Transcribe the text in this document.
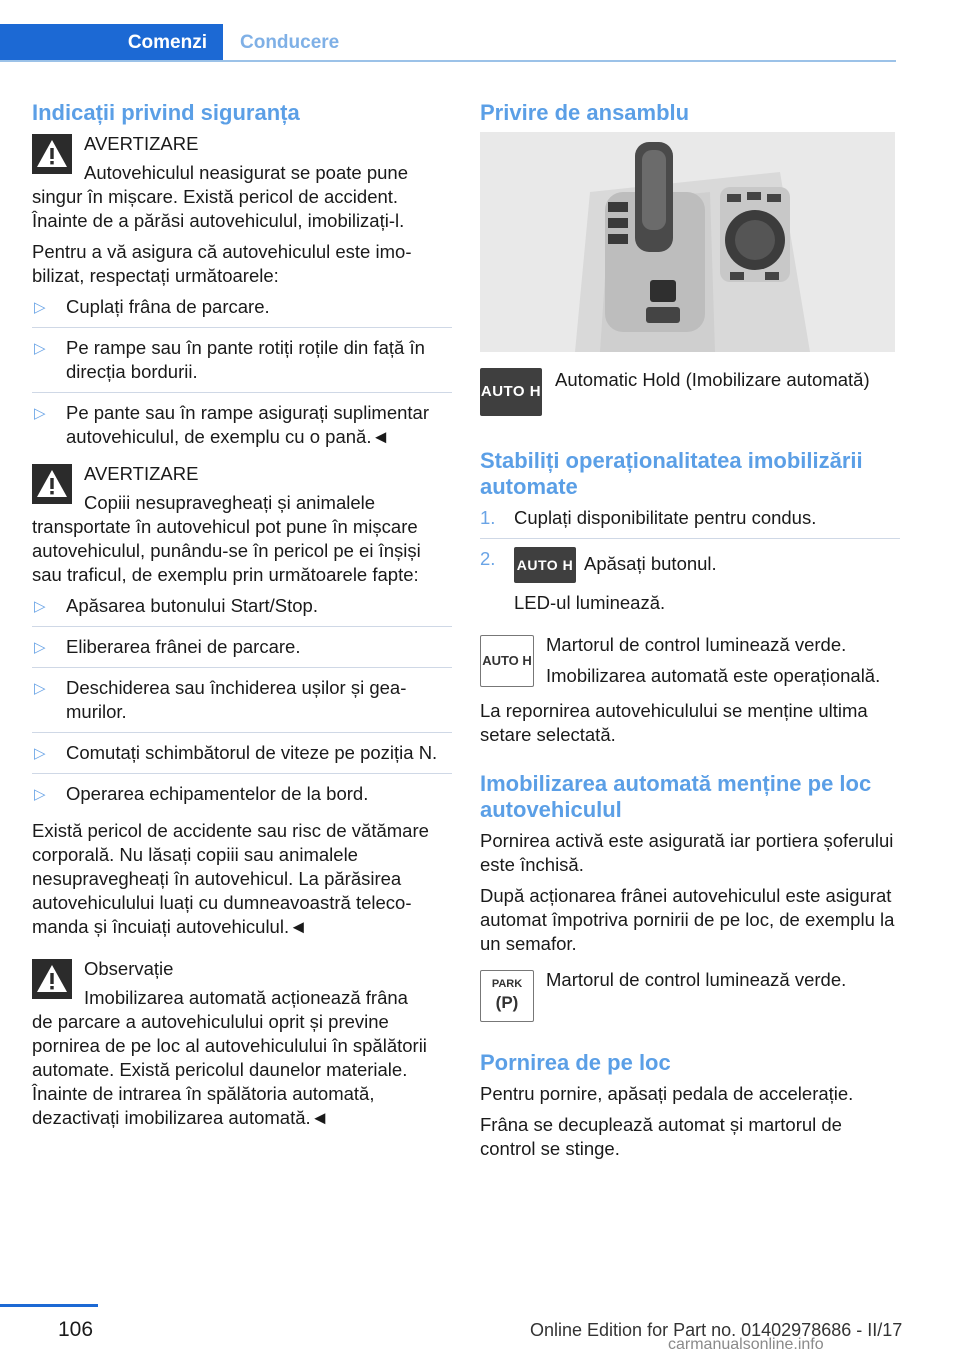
Comenzi	Conducere
Indicații privind siguranța

AVERTIZARE

Autovehiculul neasigurat se poate pune
singur în mișcare. Există pericol de accident. Înainte de a părăsi autovehiculul, imobilizați-l.

Pentru a vă asigura că autovehiculul este imobilizat, respectați următoarele:

▷ Cuplați frâna de parcare.
▷ Pe rampe sau în pante rotiți roțile din față în direcția bordurii.
▷ Pe pante sau în rampe asigurați suplimentar autovehiculul, de exemplu cu o pană.◄

AVERTIZARE

Copiii nesupravegheați și animalele
transportate în autovehicul pot pune în mișcare autovehiculul, punându-se în pericol pe ei înșiși sau traficul, de exemplu prin următoarele fapte:

▷ Apăsarea butonului Start/Stop.
▷ Eliberarea frânei de parcare.
▷ Deschiderea sau închiderea ușilor și geamurilor.
▷ Comutați schimbătorul de viteze pe poziția N.
▷ Operarea echipamentelor de la bord.

Există pericol de accidente sau risc de vătămare corporală. Nu lăsați copiii sau animalele nesupravegheați în autovehicul. La părăsirea autovehiculului luați cu dumneavoastră telecomanda și încuiați autovehiculul.◄

Observație

Imobilizarea automată acționează frâna
de parcare a autovehiculului oprit și previne pornirea de pe loc al autovehiculului în spălătorii automate. Există pericolul daunelor materiale. Înainte de intrarea în spălătoria automată, dezactivați imobilizarea automată.◄

Privire de ansamblu
AUTO H
Automatic Hold (Imobilizare automată)
Stabiliți operaționalitatea imobilizării automate
1. Cuplați disponibilitate pentru condus.
2. AUTO H Apăsați butonul.
LED-ul luminează.
AUTO H

Martorul de control luminează verde.

Imobilizarea automată este operațională.

La repornirea autovehiculului se menține ultima setare selectată.

Imobilizarea automată menține pe loc autovehiculul

Pornirea activă este asigurată iar portiera șoferului este închisă.

După acționarea frânei autovehiculul este asigurat automat împotriva pornirii de pe loc, de exemplu la un semafor.

PARK
(P)

Martorul de control luminează verde.

Pornirea de pe loc

Pentru pornire, apăsați pedala de accelerație.

Frâna se decuplează automat și martorul de control se stinge.

106	Online Edition for Part no. 01402978686 - II/17
carmanualsonline.info
